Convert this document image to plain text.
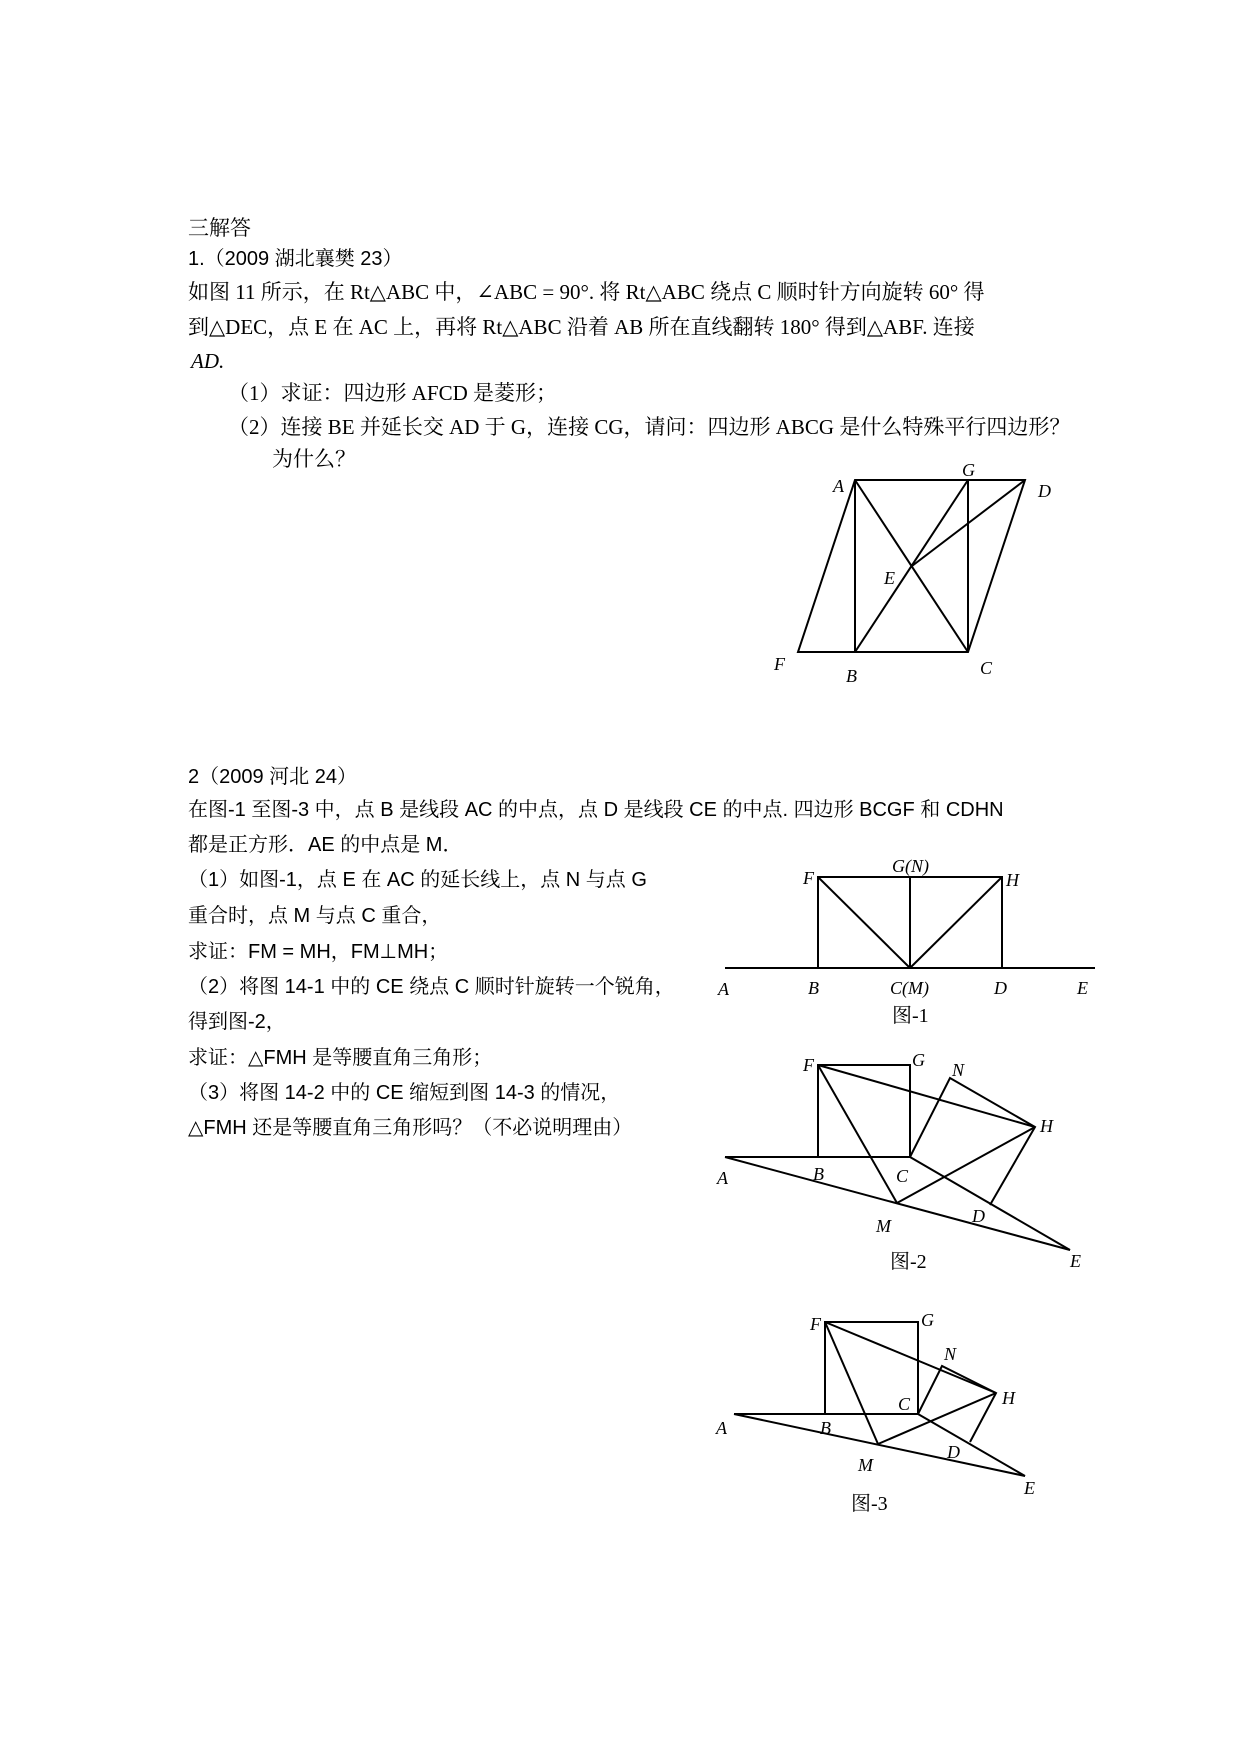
三解答
1.（2009 湖北襄樊 23）
如图 11 所示，在 Rt△ABC 中，∠ABC = 90°. 将 Rt△ABC 绕点 C 顺时针方向旋转 60° 得
到△DEC，点 E 在 AC 上，再将 Rt△ABC 沿着 AB 所在直线翻转 180° 得到△ABF. 连接
AD.
（1）求证：四边形 AFCD 是菱形；
（2）连接 BE 并延长交 AD 于 G，连接 CG，请问：四边形 ABCG 是什么特殊平行四边形？
为什么？
2（2009 河北 24）
在图-1 至图-3 中，点 B 是线段 AC 的中点，点 D 是线段 CE 的中点. 四边形 BCGF 和 CDHN
都是正方形．AE 的中点是 M．
（1）如图-1，点 E 在 AC 的延长线上，点 N 与点 G
重合时，点 M 与点 C 重合，
求证：FM = MH，FM⊥MH；
（2）将图 14-1 中的 CE 绕点 C 顺时针旋转一个锐角，
得到图-2，
求证：△FMH 是等腰直角三角形；
（3）将图 14-2 中的 CE 缩短到图 14-3 的情况，
△FMH 还是等腰直角三角形吗？（不必说明理由）
A
G
D
E
F
B	C
F
G(N)
H
A	B	C(M)	D	E
图-1
F	G N
H
A	B	C
M	D
E
图-2
F	G
N
H
A	B
C
M
D
E
图-3
